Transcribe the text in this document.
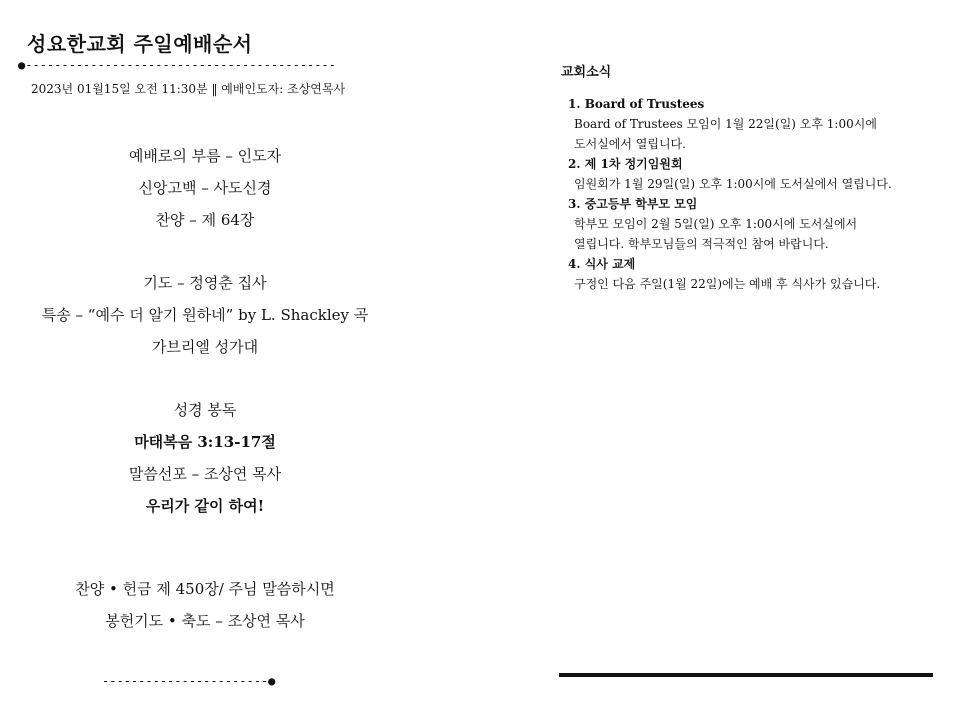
성요한교회 주일예배순서
●-------------------------------------------
2023년 01월15일 오전 11:30분 ‖ 예배인도자: 조상연목사
예배로의 부름 – 인도자
신앙고백 – 사도신경
찬양 – 제 64장
기도 – 정영춘 집사
특송 – “예수 더 알기 원하네” by L. Shackley 곡
가브리엘 성가대
성경 봉독
마태복음 3:13-17절
말씀선포 – 조상연 목사
우리가 같이 하여!
찬양 • 헌금 제 450장/ 주님 말씀하시면
봉헌기도 • 축도 – 조상연 목사
-----------------------●
교회소식
1. Board of Trustees
Board of Trustees 모임이 1월 22일(일) 오후 1:00시에
도서실에서 열립니다.
2. 제 1차 정기임원회
임원회가 1월 29일(일) 오후 1:00시에 도서실에서 열립니다.
3. 중고등부 학부모 모임
학부모 모임이 2월 5일(일) 오후 1:00시에 도서실에서
열립니다. 학부모님들의 적극적인 참여 바랍니다.
4. 식사 교제
구정인 다음 주일(1월 22일)에는 예배 후 식사가 있습니다.
